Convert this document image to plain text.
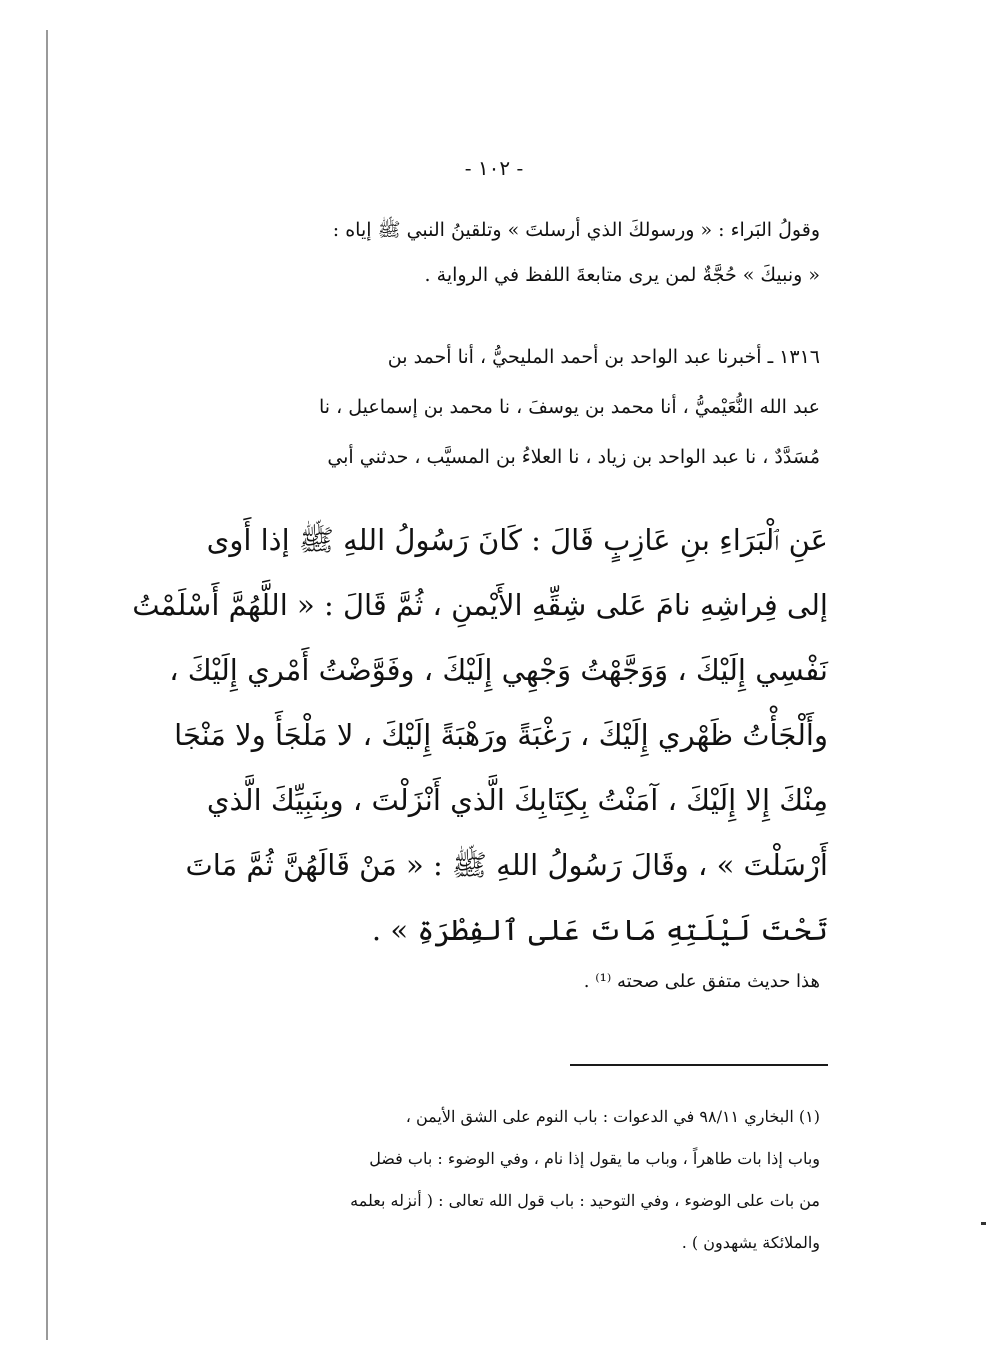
- ١٠٢ -
وقولُ البَراء : « ورسولكَ الذي أرسلتَ » وتلقينُ النبي ﷺ إياه :
« ونبيكَ » حُجَّةٌ لمن يرى متابعةَ اللفظ في الرواية .
١٣١٦ ـ أخبرنا عبد الواحد بن أحمد المليحيُّ ، أنا أحمد بن
عبد الله النُّعَيْميُّ ، أنا محمد بن يوسفَ ، نا محمد بن إسماعيل ، نا
مُسَدَّدٌ ، نا عبد الواحد بن زياد ، نا العلاءُ بن المسيَّب ، حدثني أبي
عَنِ ٱلْبَرَاءِ بنِ عَازِبٍ قَالَ : كَانَ رَسُولُ اللهِ ﷺ إذا أَوى
إلى فِراشِهِ نامَ عَلى شِقِّهِ الأَيْمنِ ، ثُمَّ قَالَ : « اللَّهُمَّ أَسْلَمْتُ
نَفْسِي إِلَيْكَ ، وَوَجَّهْتُ وَجْهِي إِلَيْكَ ، وفَوَّضْتُ أَمْري إِلَيْكَ ،
وأَلْجَأْتُ ظَهْري إِلَيْكَ ، رَغْبَةً ورَهْبَةً إِلَيْكَ ، لا مَلْجَأَ ولا مَنْجَا
مِنْكَ إِلا إِلَيْكَ ، آمَنْتُ بِكِتَابِكَ الَّذي أَنْزَلْتَ ، وبِنَبِيِّكَ الَّذي
أَرْسَلْتَ » ، وقَالَ رَسُولُ اللهِ ﷺ : « مَنْ قَالَهُنَّ ثُمَّ مَاتَ
تَحْتَ لَيْلَتِهِ مَاتَ عَلى ٱلفِطْرَةِ » .
هذا حديث متفق على صحته ⁽¹⁾ .
(١) البخاري ٩٨/١١ في الدعوات : باب النوم على الشق الأيمن ،
وباب إذا بات طاهراً ، وباب ما يقول إذا نام ، وفي الوضوء : باب فضل
من بات على الوضوء ، وفي التوحيد : باب قول الله تعالى : ( أنزله بعلمه
والملائكة يشهدون ) .
